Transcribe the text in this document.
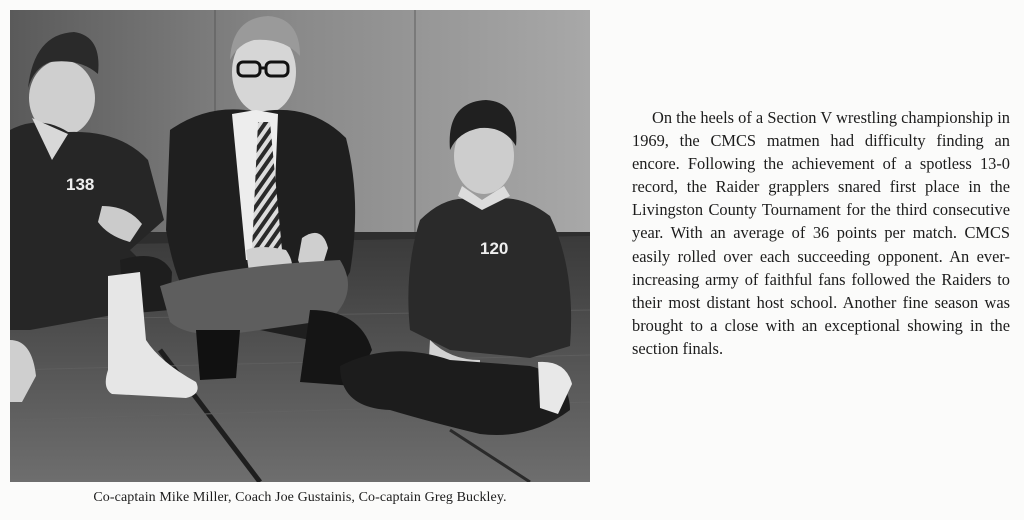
138
120
Co-captain Mike Miller, Coach Joe Gustainis, Co-captain Greg Buckley.

On the heels of a Section V wrestling championship in 1969, the CMCS matmen had difficulty finding an encore. Following the achievement of a spotless 13-0 record, the Raider grapplers snared first place in the Livingston County Tournament for the third consecutive year. With an average of 36 points per match. CMCS easily rolled over each succeeding opponent. An ever-increasing army of faithful fans followed the Raiders to their most distant host school. Another fine season was brought to a close with an exceptional showing in the section finals.
